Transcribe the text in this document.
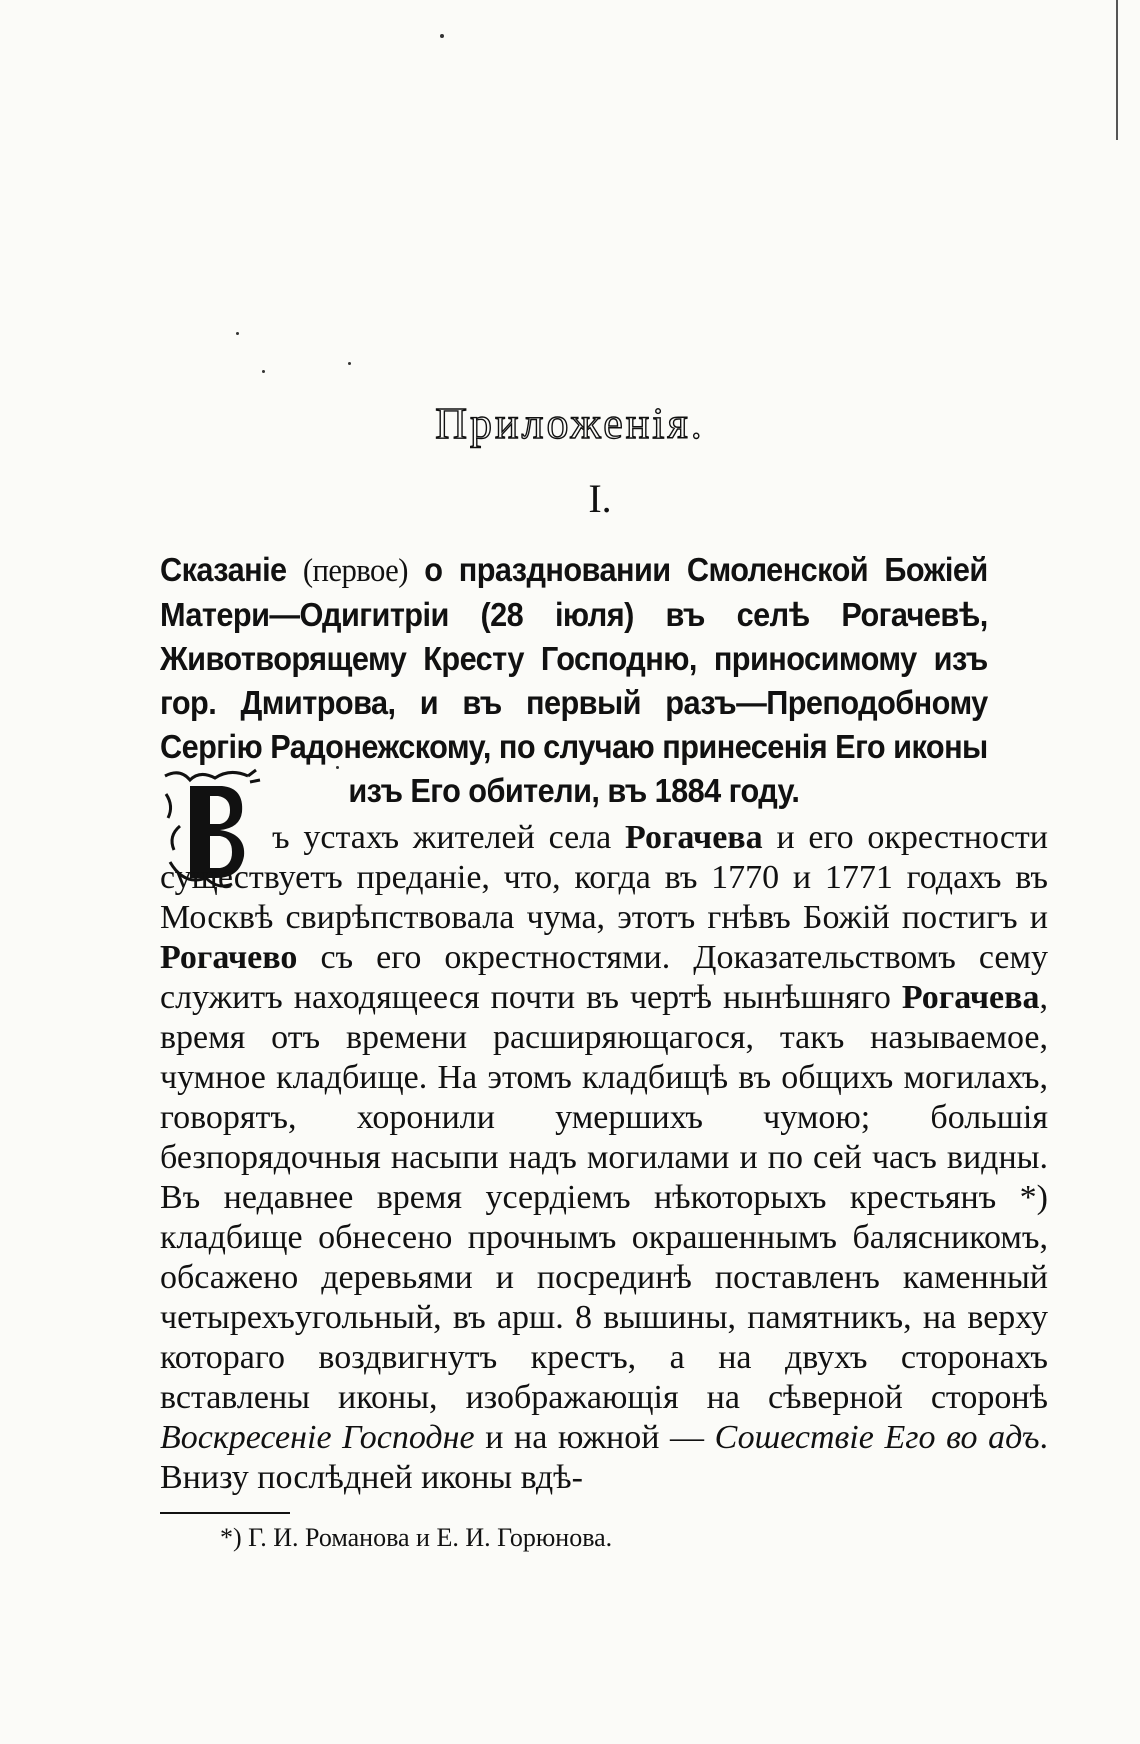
Приложенія.
I.
Сказаніе (первое) о праздновании Смоленской Божіей Матери—Одигитріи (28 іюля) въ селѣ Рогачевѣ, Животворящему Кресту Господню, приносимому изъ гор. Дмитрова, и въ первый разъ—Преподобному Сергію Радонежскому, по случаю принесенія Его иконы изъ Его обители, въ 1884 году.
В

ъ устахъ жителей села Рогачева и его окрестности существуетъ преданіе, что, когда въ 1770 и 1771 годахъ въ Москвѣ свирѣпствовала чума, этотъ гнѣвъ Божій постигъ и Рогачево съ его окрестностями. Доказательствомъ сему служитъ находящееся почти въ чертѣ нынѣшняго Рогачева, время отъ времени расширяющагося, такъ называемое, чумное кладбище. На этомъ кладбищѣ въ общихъ могилахъ, говорятъ, хоронили умершихъ чумою; большія безпорядочныя насыпи надъ могилами и по сей часъ видны. Въ недавнее время усердіемъ нѣкоторыхъ крестьянъ *) кладбище обнесено прочнымъ окрашеннымъ балясникомъ, обсажено деревьями и посрединѣ поставленъ каменный четырехъугольный, въ арш. 8 вышины, памятникъ, на верху котораго воздвигнутъ крестъ, а на двухъ сторонахъ вставлены иконы, изображающія на сѣверной сторонѣ Воскресеніе Господне и на южной — Сошествіе Его во адъ. Внизу послѣдней иконы вдѣ-

*) Г. И. Романова и Е. И. Горюнова.
